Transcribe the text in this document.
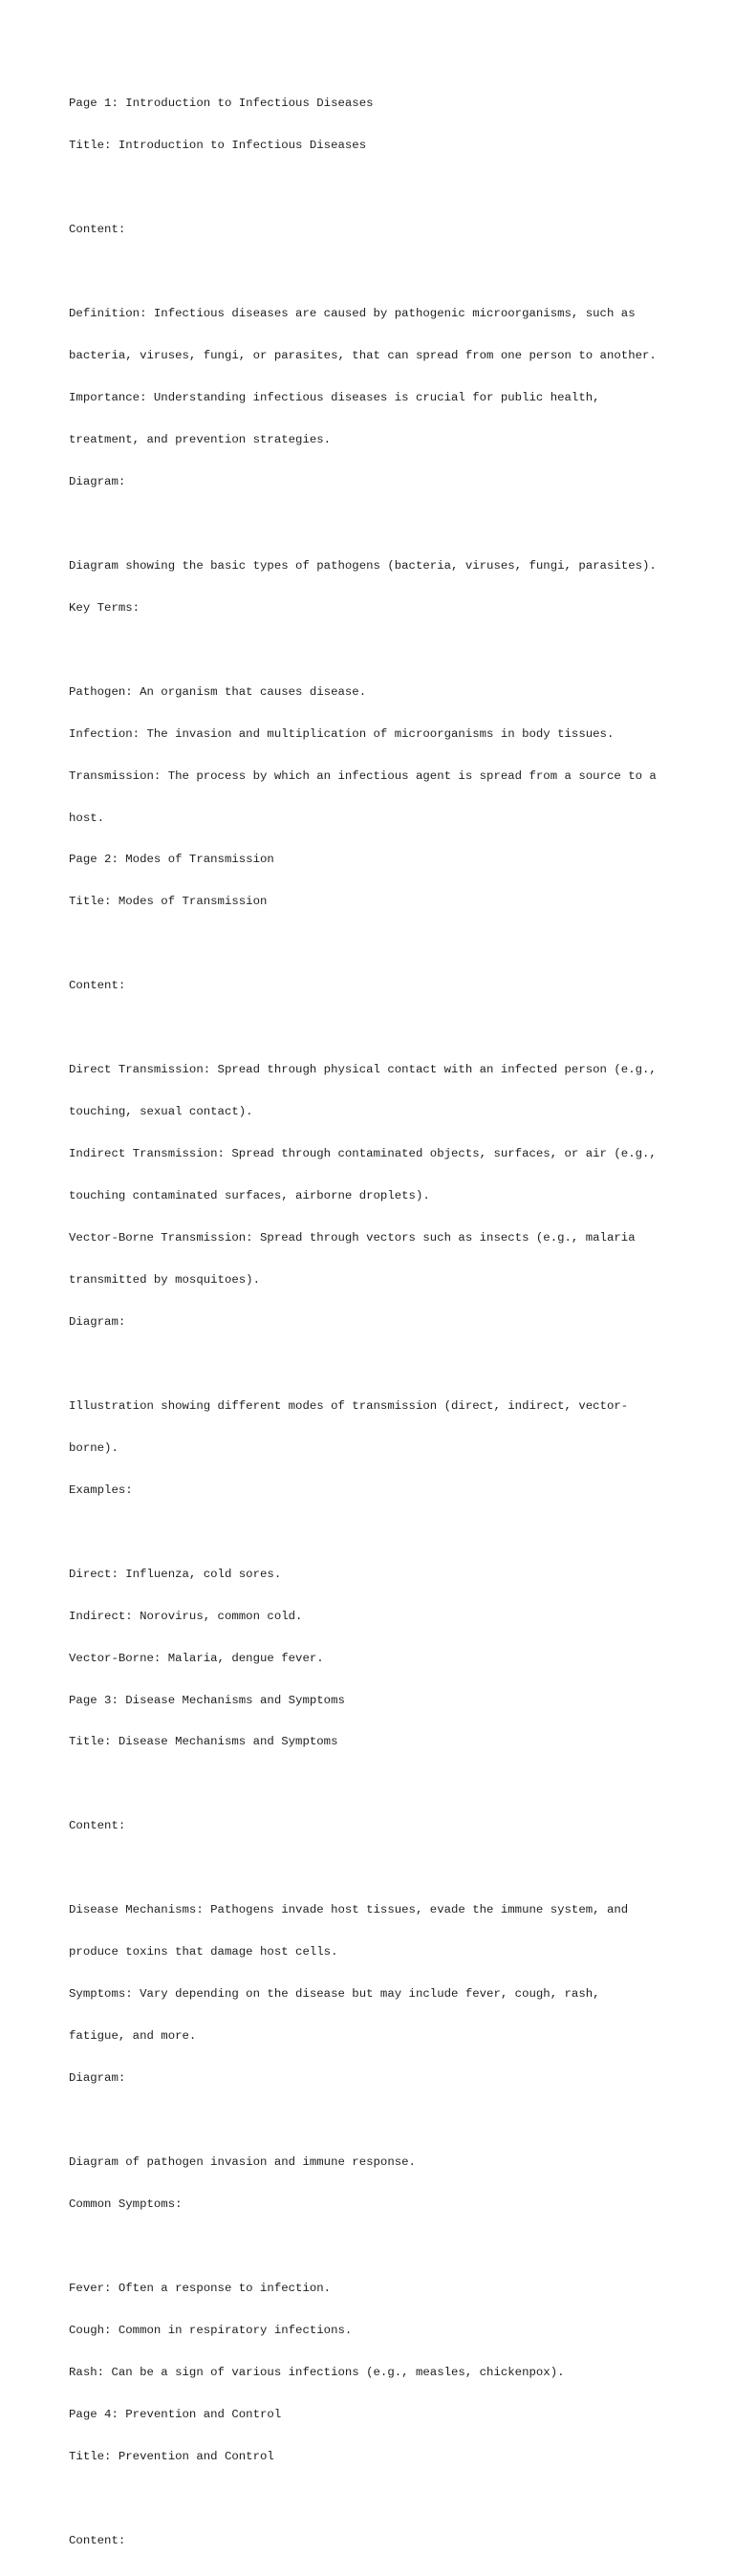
Page 1: Introduction to Infectious Diseases

Title: Introduction to Infectious Diseases

Content:

Definition: Infectious diseases are caused by pathogenic microorganisms, such as

bacteria, viruses, fungi, or parasites, that can spread from one person to another.

Importance: Understanding infectious diseases is crucial for public health,

treatment, and prevention strategies.

Diagram:

Diagram showing the basic types of pathogens (bacteria, viruses, fungi, parasites).

Key Terms:

Pathogen: An organism that causes disease.

Infection: The invasion and multiplication of microorganisms in body tissues.

Transmission: The process by which an infectious agent is spread from a source to a

host.

Page 2: Modes of Transmission

Title: Modes of Transmission

Content:

Direct Transmission: Spread through physical contact with an infected person (e.g.,

touching, sexual contact).

Indirect Transmission: Spread through contaminated objects, surfaces, or air (e.g.,

touching contaminated surfaces, airborne droplets).

Vector-Borne Transmission: Spread through vectors such as insects (e.g., malaria

transmitted by mosquitoes).

Diagram:

Illustration showing different modes of transmission (direct, indirect, vector-

borne).

Examples:

Direct: Influenza, cold sores.

Indirect: Norovirus, common cold.

Vector-Borne: Malaria, dengue fever.

Page 3: Disease Mechanisms and Symptoms

Title: Disease Mechanisms and Symptoms

Content:

Disease Mechanisms: Pathogens invade host tissues, evade the immune system, and

produce toxins that damage host cells.

Symptoms: Vary depending on the disease but may include fever, cough, rash,

fatigue, and more.

Diagram:

Diagram of pathogen invasion and immune response.

Common Symptoms:

Fever: Often a response to infection.

Cough: Common in respiratory infections.

Rash: Can be a sign of various infections (e.g., measles, chickenpox).

Page 4: Prevention and Control

Title: Prevention and Control

Content:
